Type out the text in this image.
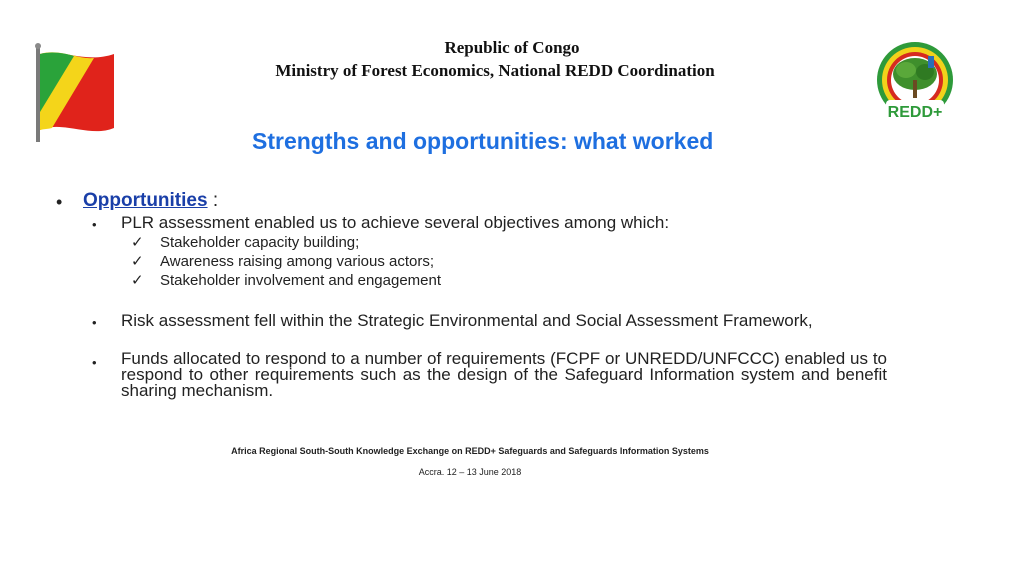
REDD+
Republic of Congo
Ministry of Forest Economics, National REDD Coordination
Strengths and opportunities: what worked
• Opportunities :
• PLR assessment enabled us to achieve several objectives among which:
✓ Stakeholder capacity building;
✓ Awareness raising among various actors;
✓ Stakeholder involvement and engagement
• Risk assessment fell within the Strategic Environmental and Social Assessment Framework,
• Funds allocated to respond to a number of requirements (FCPF or UNREDD/UNFCCC) enabled us to respond to other requirements such as the design of the Safeguard Information system and benefit sharing mechanism.
Africa Regional South-South Knowledge Exchange on REDD+ Safeguards and Safeguards Information Systems
Accra. 12 – 13 June 2018
